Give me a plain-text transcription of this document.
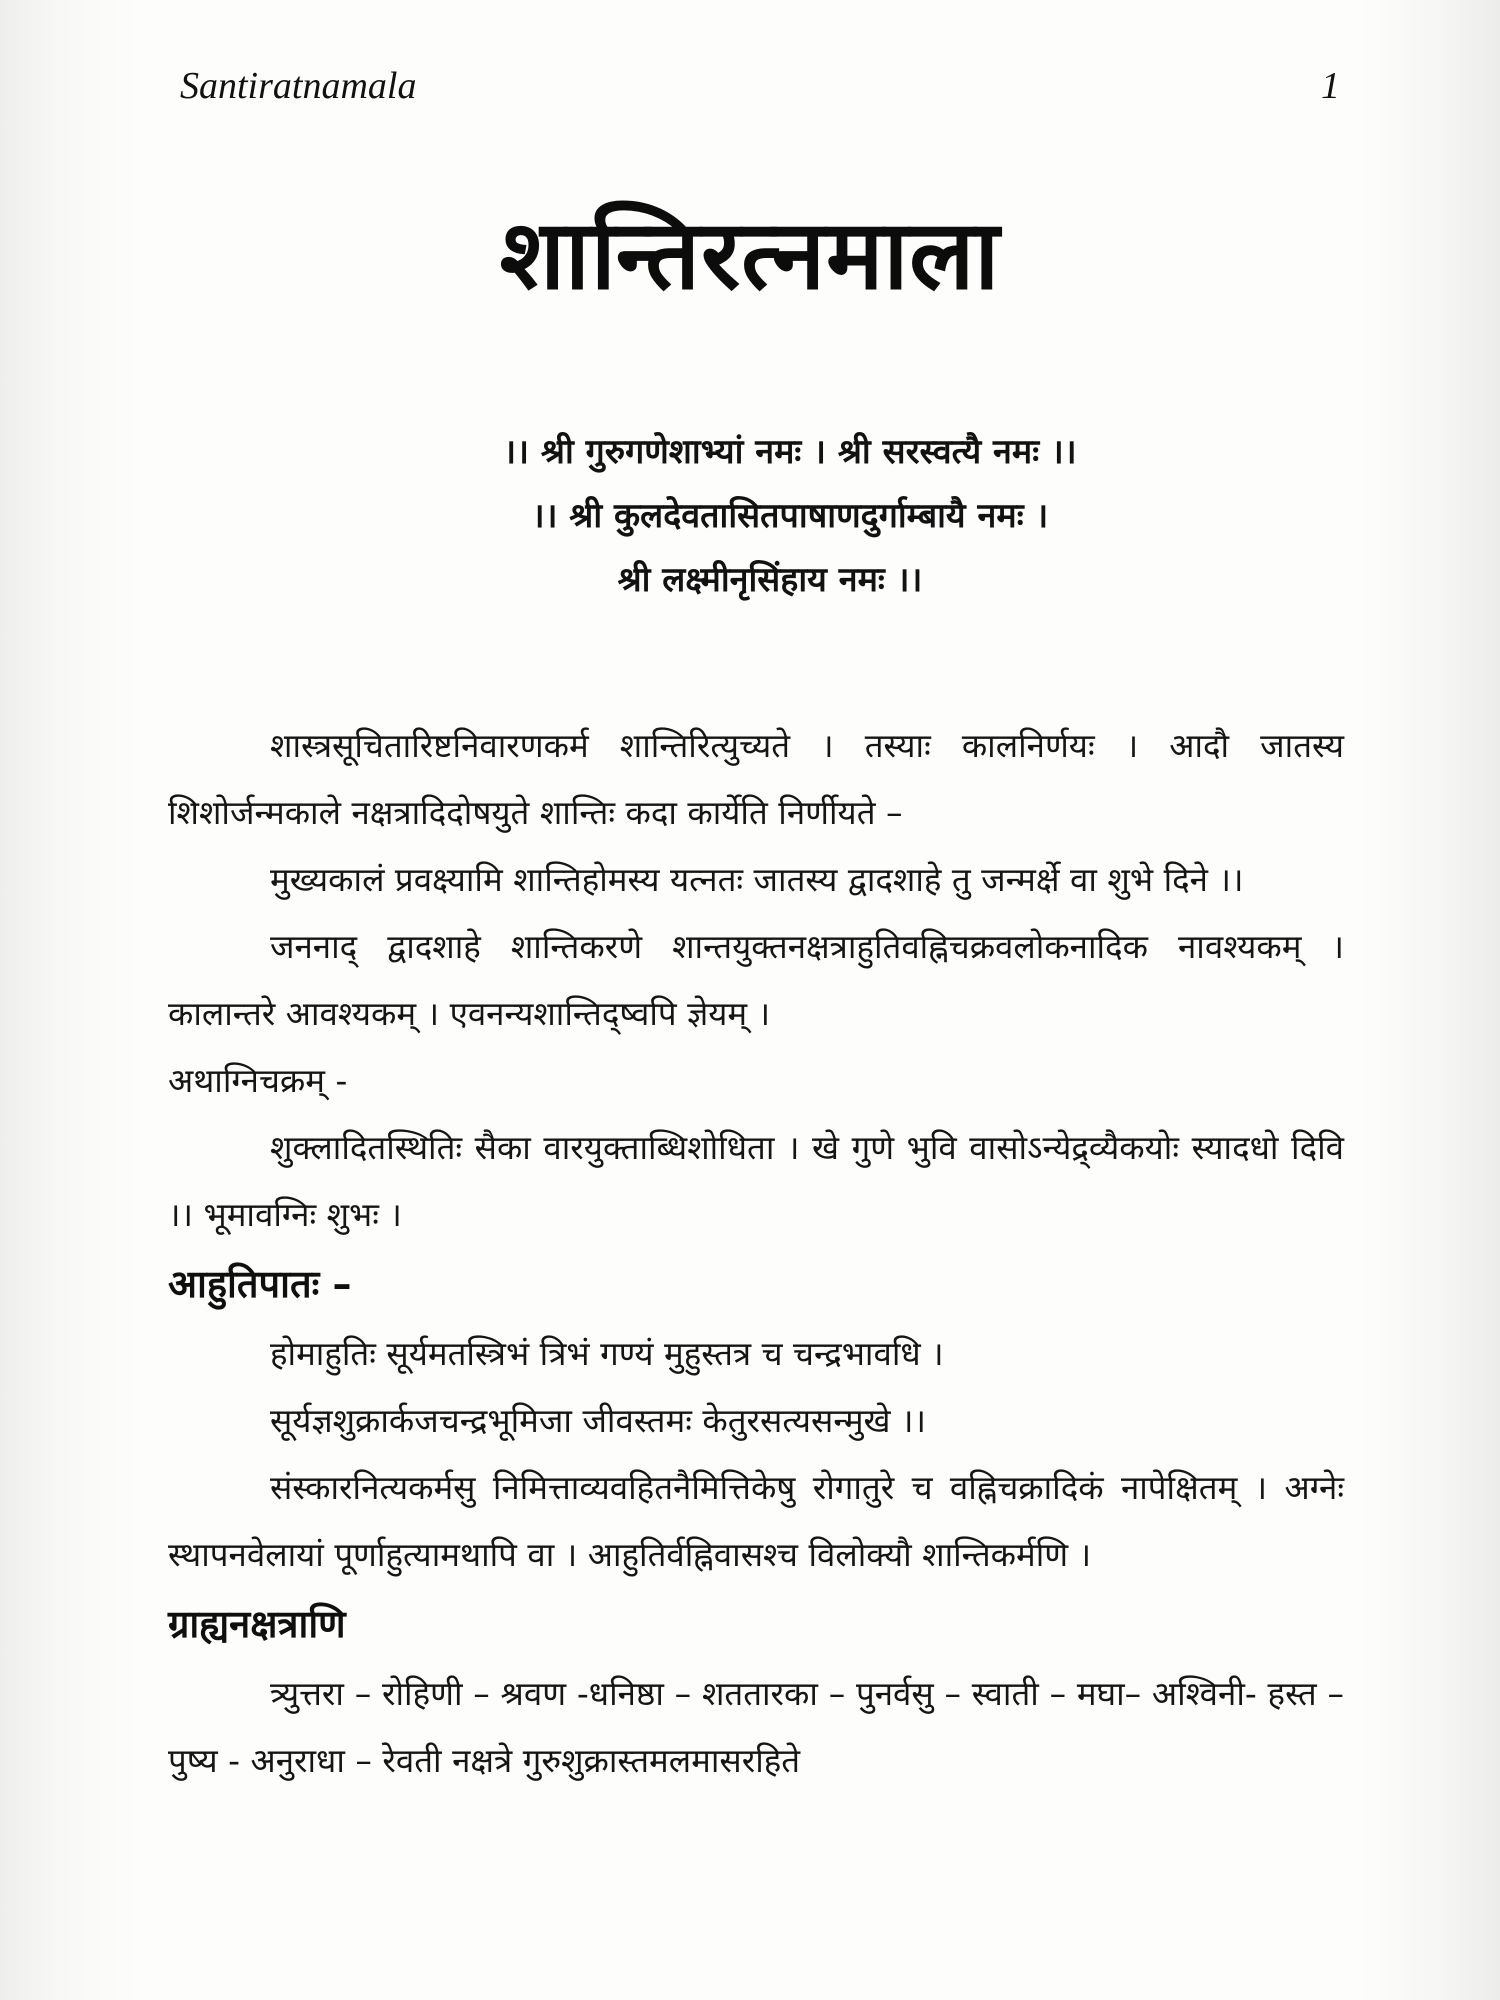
Santiratnamala	1
शान्तिरत्नमाला
।। श्री गुरुगणेशाभ्यां नमः । श्री सरस्वत्यै नमः ।।
।। श्री कुलदेवतासितपाषाणदुर्गाम्बायै नमः ।
श्री लक्ष्मीनृसिंहाय नमः ।।

शास्त्रसूचितारिष्टनिवारणकर्म शान्तिरित्युच्यते । तस्याः कालनिर्णयः । आदौ जातस्य शिशोर्जन्मकाले नक्षत्रादिदोषयुते शान्तिः कदा कार्येति निर्णीयते –

मुख्यकालं प्रवक्ष्यामि शान्तिहोमस्य यत्नतः जातस्य द्वादशाहे तु जन्मर्क्षे वा शुभे दिने ।।

जननाद् द्वादशाहे शान्तिकरणे शान्तयुक्तनक्षत्राहुतिवह्निचक्रवलोकनादिक नावश्यकम् । कालान्तरे आवश्यकम् । एवनन्यशान्तिद्ष्वपि ज्ञेयम् ।

अथाग्निचक्रम् -

शुक्लादितस्थितिः सैका वारयुक्ताब्धिशोधिता । खे गुणे भुवि वासोऽन्येद्र्व्यैकयोः स्यादधो दिवि ।। भूमावग्निः शुभः ।

आहुतिपातः –

होमाहुतिः सूर्यमतस्त्रिभं त्रिभं गण्यं मुहुस्तत्र च चन्द्रभावधि ।

सूर्यज्ञशुक्रार्कजचन्द्रभूमिजा जीवस्तमः केतुरसत्यसन्मुखे ।।

संस्कारनित्यकर्मसु निमित्ताव्यवहितनैमित्तिकेषु रोगातुरे च वह्निचक्रादिकं नापेक्षितम् । अग्नेः स्थापनवेलायां पूर्णाहुत्यामथापि वा । आहुतिर्वह्निवासश्च विलोक्यौ शान्तिकर्मणि ।

ग्राह्यनक्षत्राणि

त्र्युत्तरा – रोहिणी – श्रवण -धनिष्ठा – शततारका – पुनर्वसु – स्वाती – मघा– अश्विनी- हस्त – पुष्य - अनुराधा – रेवती नक्षत्रे गुरुशुक्रास्तमलमासरहिते
